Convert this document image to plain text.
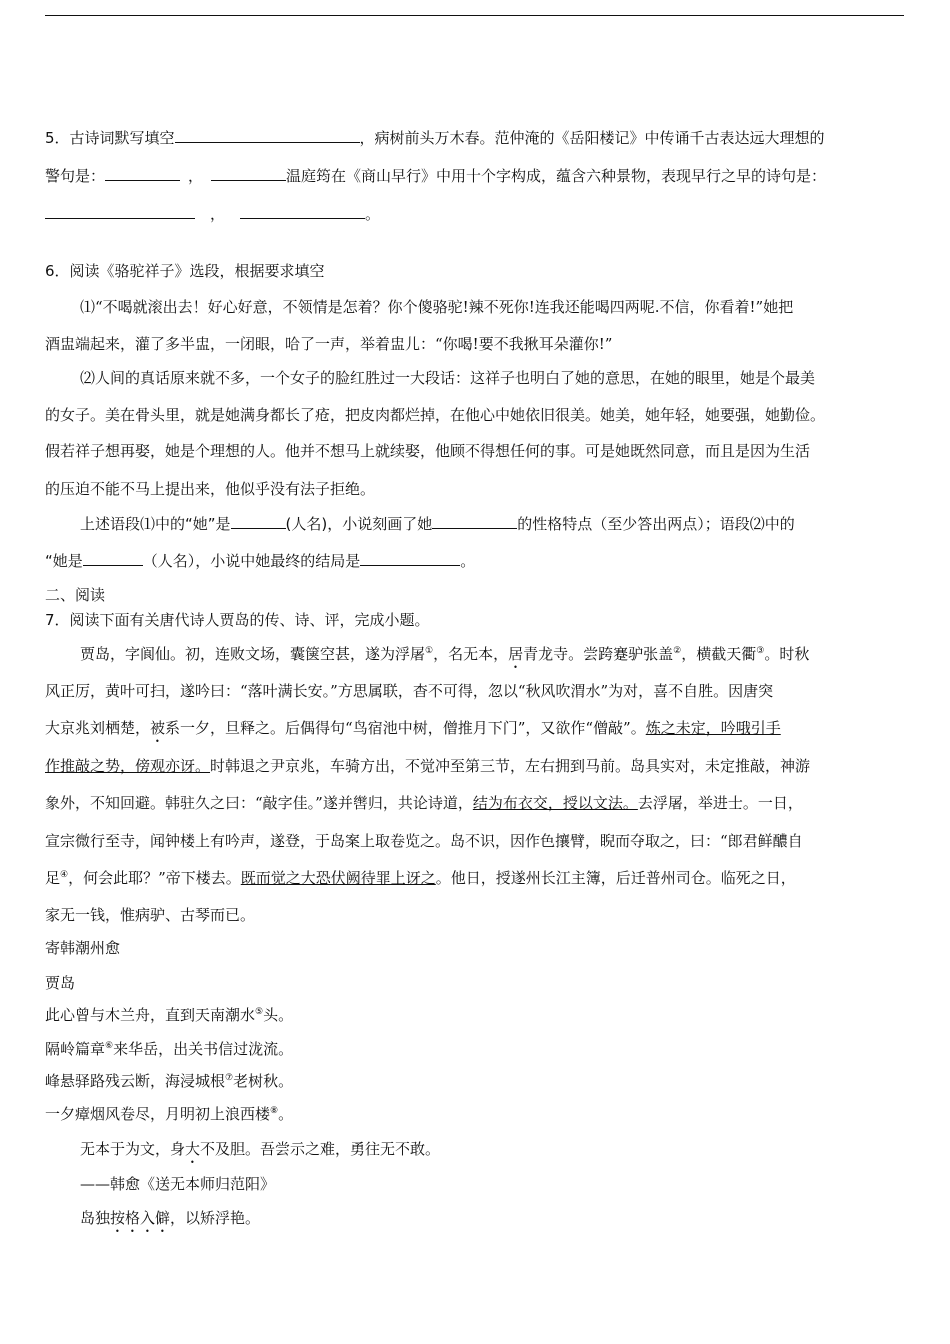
5．古诗词默写填空	，病树前头万木春。范仲淹的《岳阳楼记》中传诵千古表达远大理想的
警句是：	，	温庭筠在《商山早行》中用十个字构成，蕴含六种景物，表现早行之早的诗句是：
，	。
6．阅读《骆驼祥子》选段，根据要求填空
⑴“不喝就滚出去！好心好意，不领情是怎着？你个傻骆驼!辣不死你!连我还能喝四两呢.不信，你看着!”她把
酒盅端起来，灌了多半盅，一闭眼，哈了一声，举着盅儿：“你喝!要不我揪耳朵灌你!”
⑵人间的真话原来就不多，一个女子的脸红胜过一大段话：这祥子也明白了她的意思，在她的眼里，她是个最美
的女子。美在骨头里，就是她满身都长了疮，把皮肉都烂掉，在他心中她依旧很美。她美，她年轻，她要强，她勤俭。
假若祥子想再娶，她是个理想的人。他并不想马上就续娶，他顾不得想任何的事。可是她既然同意，而且是因为生活
的压迫不能不马上提出来，他似乎没有法子拒绝。
上述语段⑴中的“她”是	(人名)，小说刻画了她	的性格特点（至少答出两点）；语段⑵中的
“她是	（人名），小说中她最终的结局是	。
二、阅读
7．阅读下面有关唐代诗人贾岛的传、诗、评，完成小题。
贾岛，字阆仙。初，连败文场，囊箧空甚，遂为浮屠①，名无本，居青龙寺。尝跨蹇驴张盖②，横截天衢③。时秋
风正厉，黄叶可扫，遂吟曰：“落叶满长安。”方思属联，杳不可得，忽以“秋风吹渭水”为对，喜不自胜。因唐突
大京兆刘栖楚，被系一夕，旦释之。后偶得句“鸟宿池中树，僧推月下门”，又欲作“僧敲”。炼之未定，吟哦引手
作推敲之势，傍观亦讶。时韩退之尹京兆，车骑方出，不觉冲至第三节，左右拥到马前。岛具实对，未定推敲，神游
象外，不知回避。韩驻久之曰：“敲字佳。”遂并辔归，共论诗道，结为布衣交，授以文法。去浮屠，举进士。一日，
宣宗微行至寺，闻钟楼上有吟声，遂登，于岛案上取卷览之。岛不识，因作色攘臂，睨而夺取之，曰：“郎君鲜醲自
足④，何会此耶？”帝下楼去。既而觉之大恐伏阙待罪上讶之。他日，授遂州长江主簿，后迁普州司仓。临死之日，
家无一钱，惟病驴、古琴而已。
寄韩潮州愈
贾岛
此心曾与木兰舟，直到天南潮水⑤头。
隔岭篇章⑥来华岳，出关书信过泷流。
峰悬驿路残云断，海浸城根⑦老树秋。
一夕瘴烟风卷尽，月明初上浪西楼⑧。
无本于为文，身大不及胆。吾尝示之难，勇往无不敢。
——韩愈《送无本师归范阳》
岛独按格入僻，以矫浮艳。
